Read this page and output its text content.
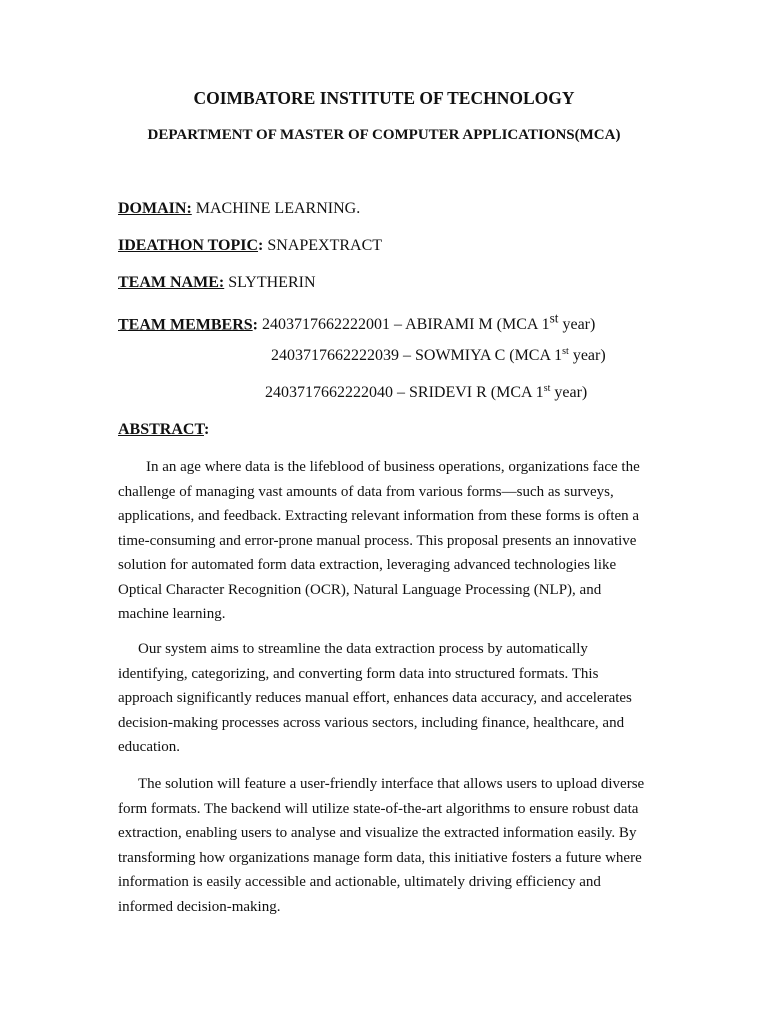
COIMBATORE INSTITUTE OF TECHNOLOGY
DEPARTMENT OF MASTER OF COMPUTER APPLICATIONS(MCA)
DOMAIN: MACHINE LEARNING.
IDEATHON TOPIC: SNAPEXTRACT
TEAM NAME: SLYTHERIN
TEAM MEMBERS: 2403717662222001 – ABIRAMI M (MCA 1st year)
2403717662222039 – SOWMIYA C (MCA 1st year)
2403717662222040 – SRIDEVI R (MCA 1st year)
ABSTRACT:

In an age where data is the lifeblood of business operations, organizations face the challenge of managing vast amounts of data from various forms—such as surveys, applications, and feedback. Extracting relevant information from these forms is often a time-consuming and error-prone manual process. This proposal presents an innovative solution for automated form data extraction, leveraging advanced technologies like Optical Character Recognition (OCR), Natural Language Processing (NLP), and machine learning.

Our system aims to streamline the data extraction process by automatically identifying, categorizing, and converting form data into structured formats. This approach significantly reduces manual effort, enhances data accuracy, and accelerates decision-making processes across various sectors, including finance, healthcare, and education.

The solution will feature a user-friendly interface that allows users to upload diverse form formats. The backend will utilize state-of-the-art algorithms to ensure robust data extraction, enabling users to analyse and visualize the extracted information easily. By transforming how organizations manage form data, this initiative fosters a future where information is easily accessible and actionable, ultimately driving efficiency and informed decision-making.
